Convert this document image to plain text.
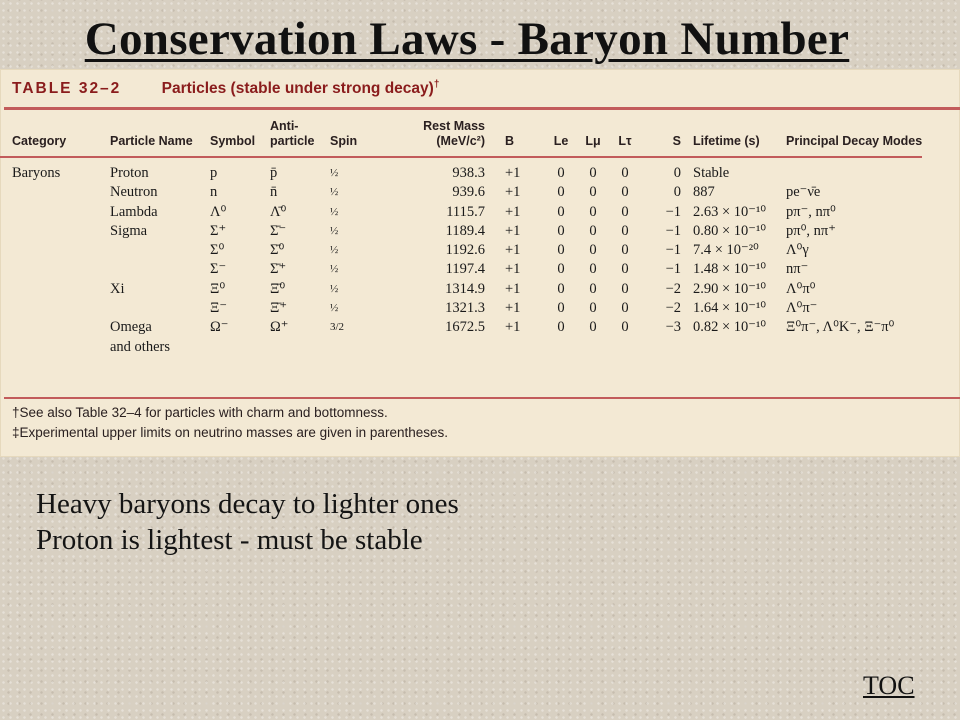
Conservation Laws - Baryon Number
TABLE 32–2	Particles (stable under strong decay)†
Category	Particle Name	Symbol	Anti- particle	Spin	Rest Mass (MeV/c²)	B	Le	Lμ	Lτ	S	Lifetime (s)	Principal Decay Modes

Baryons	Proton	p	p̄	½	938.3	+1	0	0	0	0	Stable	
	Neutron	n	n̄	½	939.6	+1	0	0	0	0	887	pe⁻ν̄e
	Lambda	Λ⁰	Λ̄⁰	½	1115.7	+1	0	0	0	−1	2.63 × 10⁻¹⁰	pπ⁻, nπ⁰
	Sigma	Σ⁺	Σ̄⁻	½	1189.4	+1	0	0	0	−1	0.80 × 10⁻¹⁰	pπ⁰, nπ⁺
		Σ⁰	Σ̄⁰	½	1192.6	+1	0	0	0	−1	7.4 × 10⁻²⁰	Λ⁰γ
		Σ⁻	Σ̄⁺	½	1197.4	+1	0	0	0	−1	1.48 × 10⁻¹⁰	nπ⁻
	Xi	Ξ⁰	Ξ̄⁰	½	1314.9	+1	0	0	0	−2	2.90 × 10⁻¹⁰	Λ⁰π⁰
		Ξ⁻	Ξ̄⁺	½	1321.3	+1	0	0	0	−2	1.64 × 10⁻¹⁰	Λ⁰π⁻
	Omega	Ω⁻	Ω⁺	3/2	1672.5	+1	0	0	0	−3	0.82 × 10⁻¹⁰	Ξ⁰π⁻, Λ⁰K⁻, Ξ⁻π⁰
	and others											
†See also Table 32–4 for particles with charm and bottomness.
‡Experimental upper limits on neutrino masses are given in parentheses.
Heavy baryons decay to lighter ones
Proton is lightest - must be stable
TOC
